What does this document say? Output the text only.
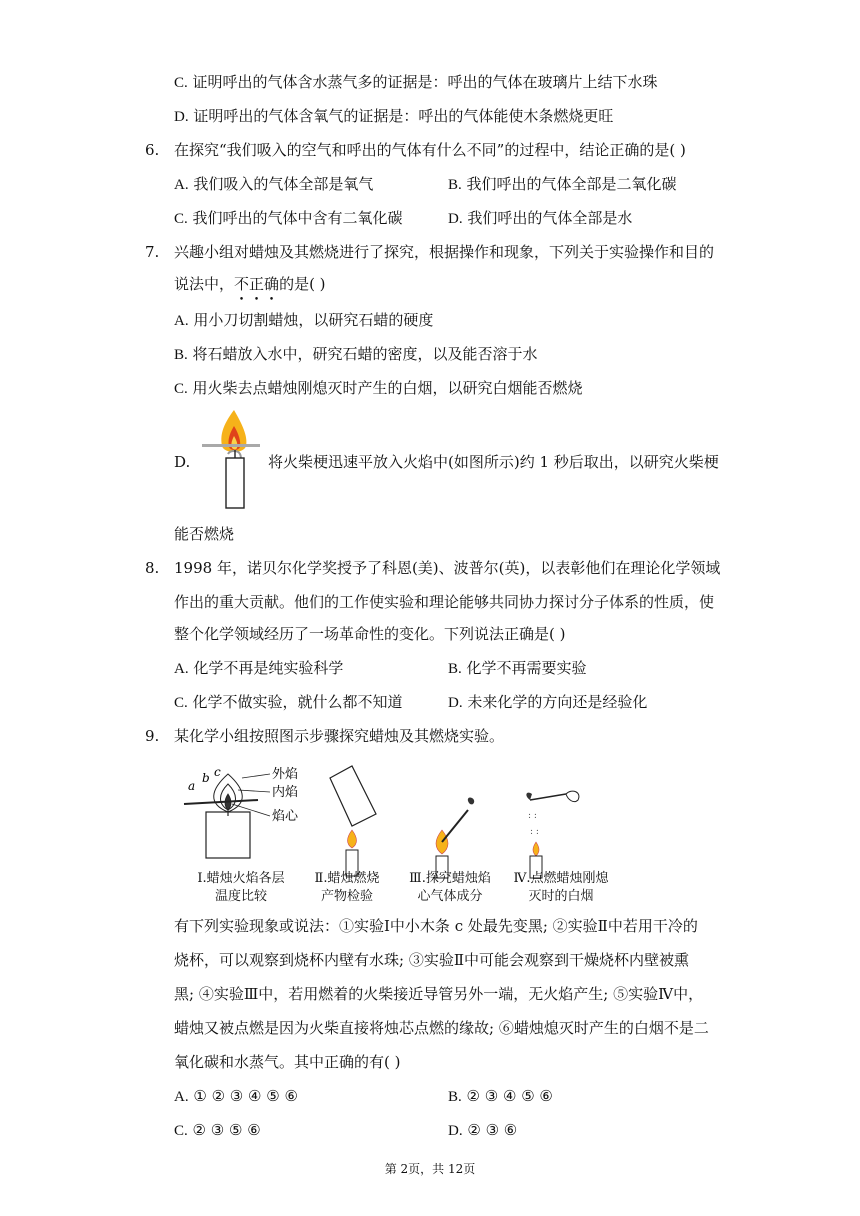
C. 证明呼出的气体含水蒸气多的证据是：呼出的气体在玻璃片上结下水珠
D. 证明呼出的气体含氧气的证据是：呼出的气体能使木条燃烧更旺
6. 在探究“我们吸入的空气和呼出的气体有什么不同”的过程中，结论正确的是( )
A. 我们吸入的气体全部是氧气	B. 我们呼出的气体全部是二氧化碳
C. 我们呼出的气体中含有二氧化碳	D. 我们呼出的气体全部是水
7. 兴趣小组对蜡烛及其燃烧进行了探究，根据操作和现象，下列关于实验操作和目的
说法中，不正确的是( )
A. 用小刀切割蜡烛，以研究石蜡的硬度
B. 将石蜡放入水中，研究石蜡的密度，以及能否溶于水
C. 用火柴去点蜡烛刚熄灭时产生的白烟，以研究白烟能否燃烧
D.	将火柴梗迅速平放入火焰中(如图所示)约 1 秒后取出，以研究火柴梗
能否燃烧
8. 1998 年，诺贝尔化学奖授予了科恩(美)、波普尔(英)，以表彰他们在理论化学领域
作出的重大贡献。他们的工作使实验和理论能够共同协力探讨分子体系的性质，使
整个化学领域经历了一场革命性的变化。下列说法正确是( )
A. 化学不再是纯实验科学	B. 化学不再需要实验
C. 化学不做实验，就什么都不知道	D. 未来化学的方向还是经验化
9. 某化学小组按照图示步骤探究蜡烛及其燃烧实验。
a
b c	外焰
内焰
焰心	: :
: :
Ⅰ.蜡烛火焰各层
温度比较
Ⅱ.蜡烛燃烧
产物检验
Ⅲ.探究蜡烛焰
心气体成分
Ⅳ.点燃蜡烛刚熄
灭时的白烟
有下列实验现象或说法：①实验Ⅰ中小木条 c 处最先变黑; ②实验Ⅱ中若用干冷的
烧杯，可以观察到烧杯内壁有水珠; ③实验Ⅱ中可能会观察到干燥烧杯内壁被熏
黑; ④实验Ⅲ中，若用燃着的火柴接近导管另外一端，无火焰产生; ⑤实验Ⅳ中，
蜡烛又被点燃是因为火柴直接将烛芯点燃的缘故; ⑥蜡烛熄灭时产生的白烟不是二
氧化碳和水蒸气。其中正确的有( )
A. ① ② ③ ④ ⑤ ⑥	B. ② ③ ④ ⑤ ⑥
C. ② ③ ⑤ ⑥	D. ② ③ ⑥
第 2页，共 12页
